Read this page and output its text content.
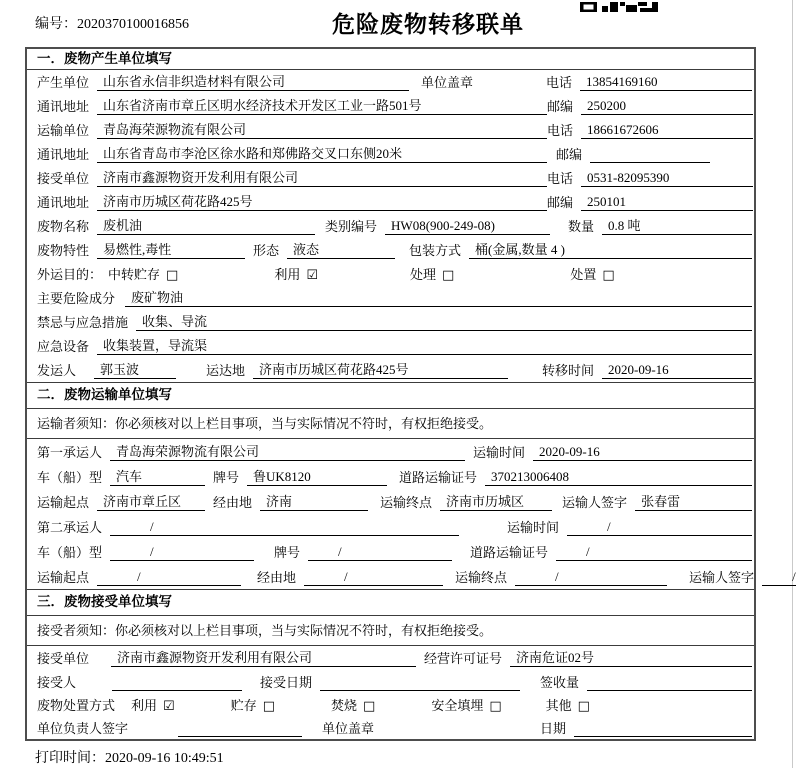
编号：2020370100016856	危险废物转移联单
一．废物产生单位填写
产生单位	山东省永信非织造材料有限公司	单位盖章	电话	13854169160
通讯地址	山东省济南市章丘区明水经济技术开发区工业一路501号	邮编	250200
运输单位	青岛海荣源物流有限公司	电话	18661672606
通讯地址	山东省青岛市李沧区徐水路和郑佛路交叉口东侧20米	邮编
接受单位	济南市鑫源物资开发利用有限公司	电话	0531-82095390
通讯地址	济南市历城区荷花路425号	邮编	250101
废物名称	废机油	类别编号	HW08(900-249-08)	数量	0.8 吨
废物特性	易燃性,毒性	形态	液态	包装方式	桶(金属,数量 4 )
外运目的： 中转贮存 □	利用 ☑	处理 □	处置 □
主要危险成分	废矿物油
禁忌与应急措施	收集、导流
应急设备	收集装置，导流渠
发运人	郭玉波	运达地	济南市历城区荷花路425号	转移时间	2020-09-16
二．废物运输单位填写
运输者须知：你必须核对以上栏目事项，当与实际情况不符时，有权拒绝接受。
第一承运人	青岛海荣源物流有限公司	运输时间	2020-09-16
车（船）型	汽车	牌号	鲁UK8120	道路运输证号	370213006408
运输起点	济南市章丘区	经由地	济南	运输终点	济南市历城区	运输人签字	张春雷
第二承运人	/	运输时间	/
车（船）型	/	牌号	/	道路运输证号	/
运输起点	/	经由地	/	运输终点	/	运输人签字	/
三．废物接受单位填写
接受者须知：你必须核对以上栏目事项，当与实际情况不符时，有权拒绝接受。
接受单位	济南市鑫源物资开发利用有限公司	经营许可证号	济南危证02号
接受人	接受日期	签收量
废物处置方式 利用 ☑	贮存 □	焚烧 □	安全填埋 □	其他 □
单位负责人签字	单位盖章	日期
打印时间：2020-09-16 10:49:51
